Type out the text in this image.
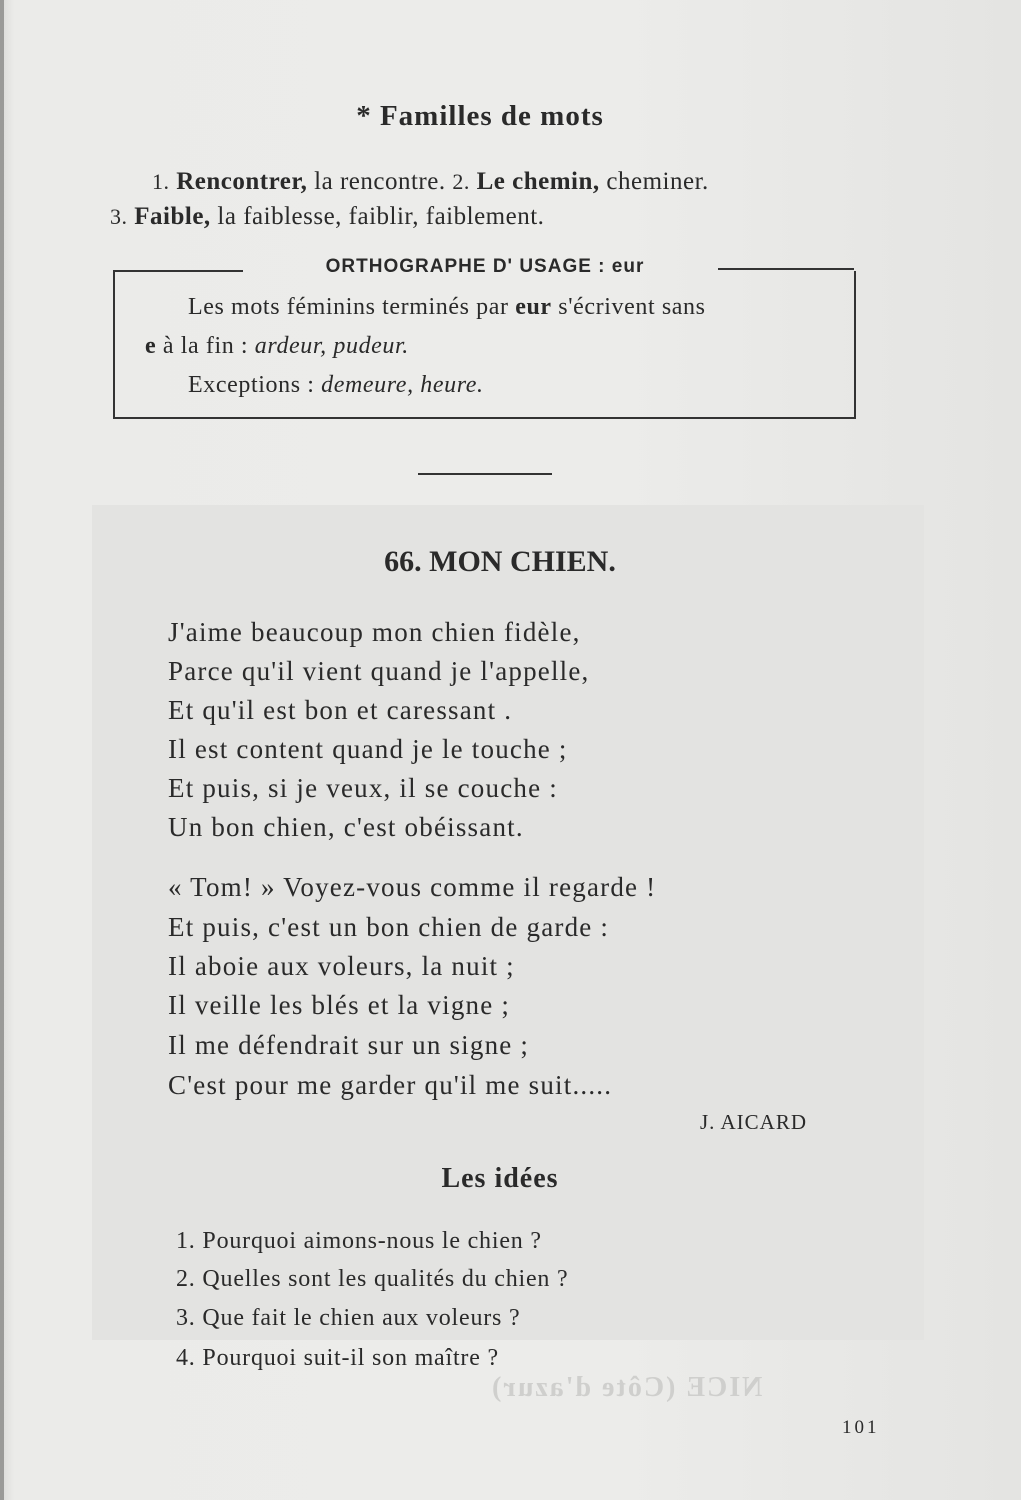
* Familles de mots
1. Rencontrer, la rencontre. 2. Le chemin, cheminer.
3. Faible, la faiblesse, faiblir, faiblement.
ORTHOGRAPHE D' USAGE : eur
Les mots féminins terminés par eur s'écrivent sans
e à la fin : ardeur, pudeur.
Exceptions : demeure, heure.
66. MON CHIEN.
J'aime beaucoup mon chien fidèle,
Parce qu'il vient quand je l'appelle,
Et qu'il est bon et caressant .
Il est content quand je le touche ;
Et puis, si je veux, il se couche :
Un bon chien, c'est obéissant.
« Tom! » Voyez-vous comme il regarde !
Et puis, c'est un bon chien de garde :
Il aboie aux voleurs, la nuit ;
Il veille les blés et la vigne ;
Il me défendrait sur un signe ;
C'est pour me garder qu'il me suit.....
J. AICARD
Les idées
1. Pourquoi aimons-nous le chien ?
2. Quelles sont les qualités du chien ?
3. Que fait le chien aux voleurs ?
4. Pourquoi suit-il son maître ?
NICE (Côte d'azur)
101
